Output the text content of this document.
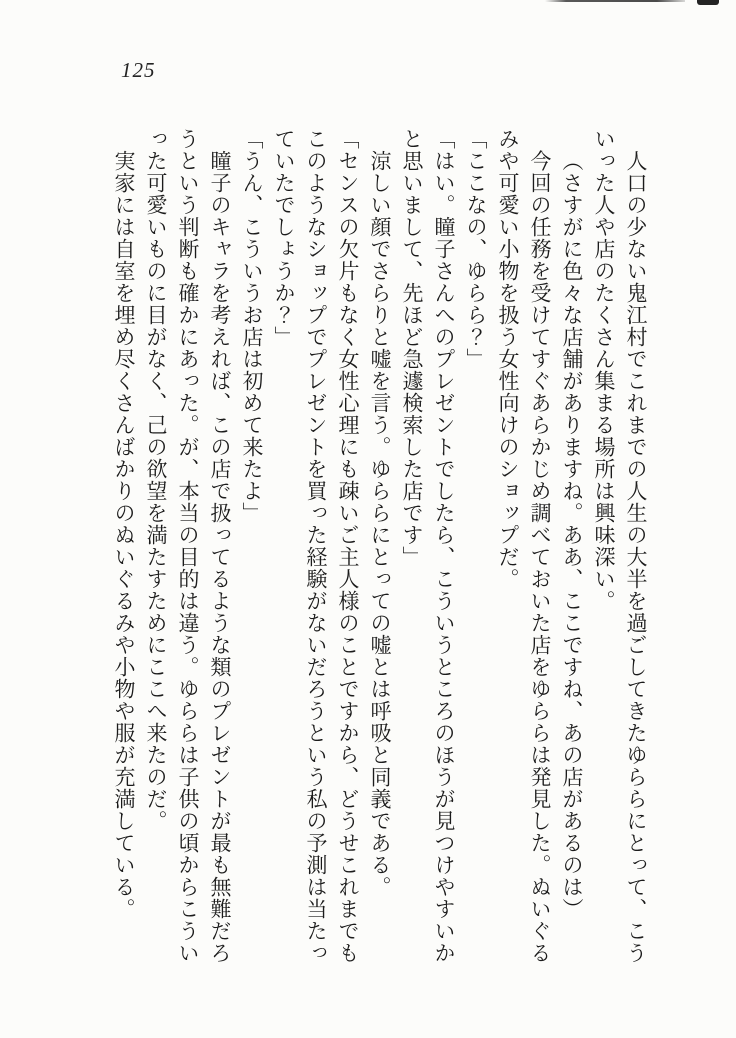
125
人口の少ない鬼江村でこれまでの人生の大半を過ごしてきたゆららにとって、こう
いった人や店のたくさん集まる場所は興味深い。
（さすがに色々な店舗がありますね。ああ、ここですね、あの店があるのは）
今回の任務を受けてすぐあらかじめ調べておいた店をゆららは発見した。ぬいぐる
みや可愛い小物を扱う女性向けのショップだ。
「ここなの、ゆらら？」
「はい。瞳子さんへのプレゼントでしたら、こういうところのほうが見つけやすいか
と思いまして、先ほど急遽検索した店です」
涼しい顔でさらりと嘘を言う。ゆららにとっての嘘とは呼吸と同義である。
「センスの欠片もなく女性心理にも疎いご主人様のことですから、どうせこれまでも
このようなショップでプレゼントを買った経験がないだろうという私の予測は当たっ
ていたでしょうか？」
「うん、こういうお店は初めて来たよ」
瞳子のキャラを考えれば、この店で扱ってるような類のプレゼントが最も無難だろ
うという判断も確かにあった。が、本当の目的は違う。ゆららは子供の頃からこうい
った可愛いものに目がなく、己の欲望を満たすためにここへ来たのだ。
実家には自室を埋め尽くさんばかりのぬいぐるみや小物や服が充満している。
